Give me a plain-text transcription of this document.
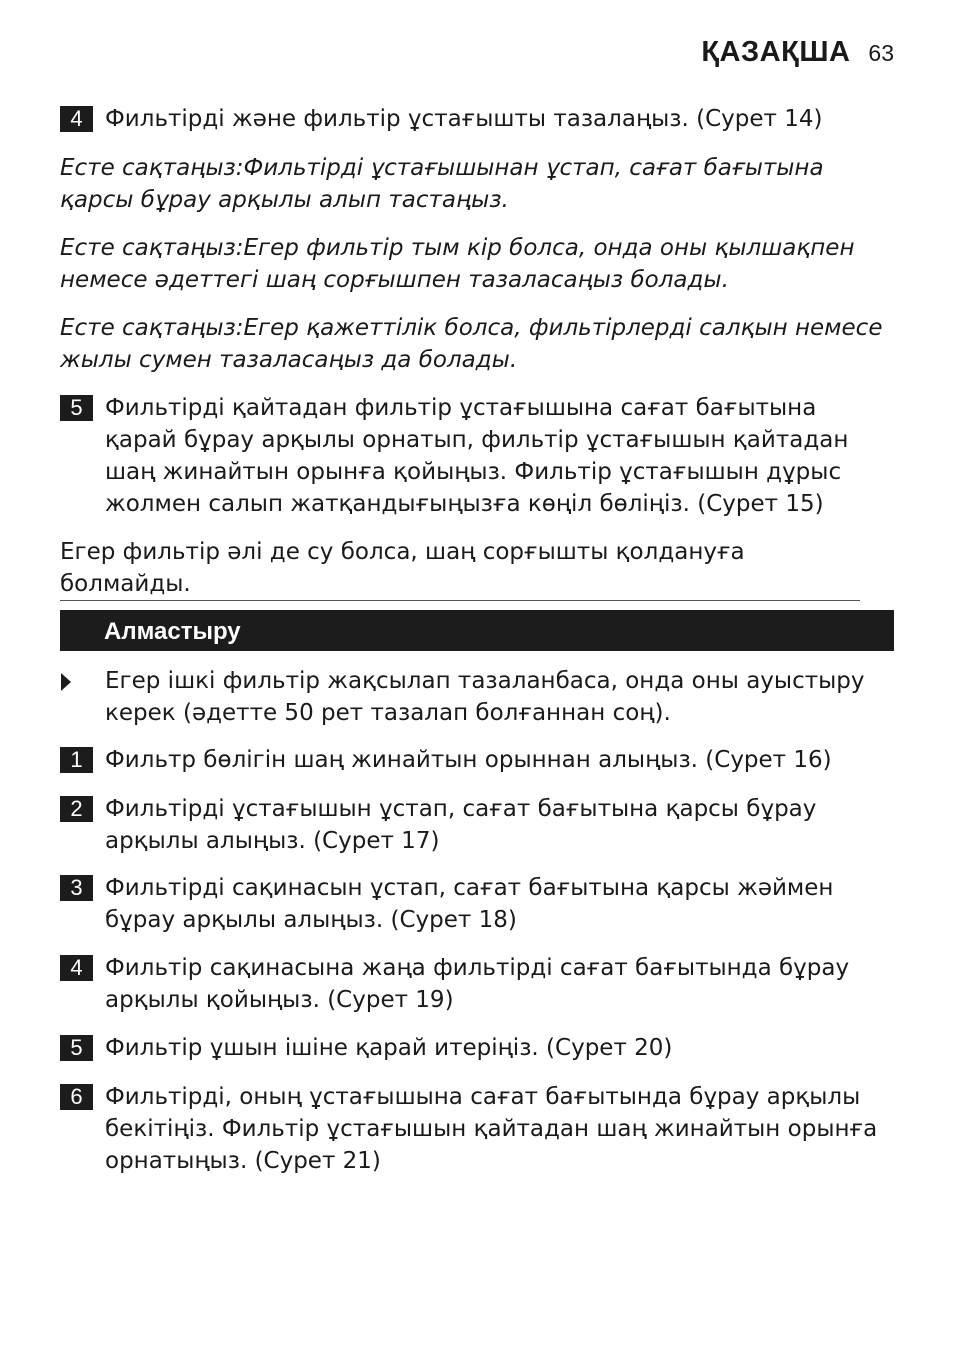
ҚАЗАҚША 63
4 Фильтірді және фильтір ұстағышты тазалаңыз. (Сурет 14)
Есте сақтаңыз:Фильтірді ұстағышынан ұстап, сағат бағытына қарсы бұрау арқылы алып тастаңыз.
Есте сақтаңыз:Егер фильтір тым кір болса, онда оны қылшақпен немесе әдеттегі шаң сорғышпен тазаласаңыз болады.
Есте сақтаңыз:Егер қажеттілік болса, фильтірлерді салқын немесе жылы сумен тазаласаңыз да болады.
5 Фильтірді қайтадан фильтір ұстағышына сағат бағытына қарай бұрау арқылы орнатып, фильтір ұстағышын қайтадан шаң жинайтын орынға қойыңыз. Фильтір ұстағышын дұрыс жолмен салып жатқандығыңызға көңіл бөліңіз. (Сурет 15)
Егер фильтір әлі де су болса, шаң сорғышты қолдануға болмайды.
Алмастыру
Егер ішкі фильтір жақсылап тазаланбаса, онда оны ауыстыру керек (әдетте 50 рет тазалап болғаннан соң).
1 Фильтр бөлігін шаң жинайтын орыннан алыңыз. (Сурет 16)
2 Фильтірді ұстағышын ұстап, сағат бағытына қарсы бұрау арқылы алыңыз. (Сурет 17)
3 Фильтірді сақинасын ұстап, сағат бағытына қарсы жәймен бұрау арқылы алыңыз. (Сурет 18)
4 Фильтір сақинасына жаңа фильтірді сағат бағытында бұрау арқылы қойыңыз. (Сурет 19)
5 Фильтір ұшын ішіне қарай итеріңіз. (Сурет 20)
6 Фильтірді, оның ұстағышына сағат бағытында бұрау арқылы бекітіңіз. Фильтір ұстағышын қайтадан шаң жинайтын орынға орнатыңыз. (Сурет 21)
